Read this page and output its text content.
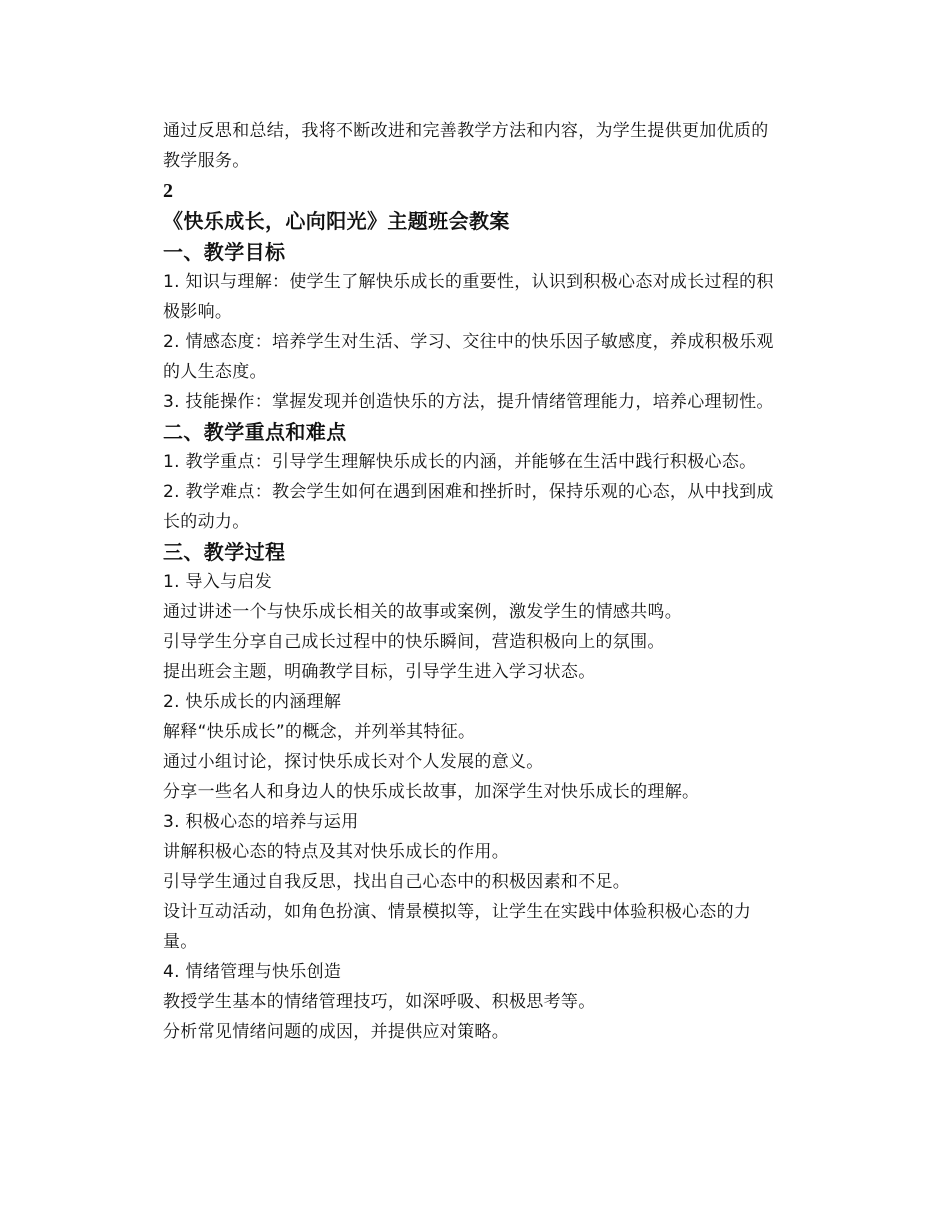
通过反思和总结，我将不断改进和完善教学方法和内容，为学生提供更加优质的教学服务。

2

《快乐成长，心向阳光》主题班会教案

一、教学目标

1. 知识与理解：使学生了解快乐成长的重要性，认识到积极心态对成长过程的积极影响。

2. 情感态度：培养学生对生活、学习、交往中的快乐因子敏感度，养成积极乐观的人生态度。

3. 技能操作：掌握发现并创造快乐的方法，提升情绪管理能力，培养心理韧性。

二、教学重点和难点

1. 教学重点：引导学生理解快乐成长的内涵，并能够在生活中践行积极心态。

2. 教学难点：教会学生如何在遇到困难和挫折时，保持乐观的心态，从中找到成长的动力。

三、教学过程

1. 导入与启发

通过讲述一个与快乐成长相关的故事或案例，激发学生的情感共鸣。

引导学生分享自己成长过程中的快乐瞬间，营造积极向上的氛围。

提出班会主题，明确教学目标，引导学生进入学习状态。

2. 快乐成长的内涵理解

解释“快乐成长”的概念，并列举其特征。

通过小组讨论，探讨快乐成长对个人发展的意义。

分享一些名人和身边人的快乐成长故事，加深学生对快乐成长的理解。

3. 积极心态的培养与运用

讲解积极心态的特点及其对快乐成长的作用。

引导学生通过自我反思，找出自己心态中的积极因素和不足。

设计互动活动，如角色扮演、情景模拟等，让学生在实践中体验积极心态的力量。

4. 情绪管理与快乐创造

教授学生基本的情绪管理技巧，如深呼吸、积极思考等。

分析常见情绪问题的成因，并提供应对策略。
